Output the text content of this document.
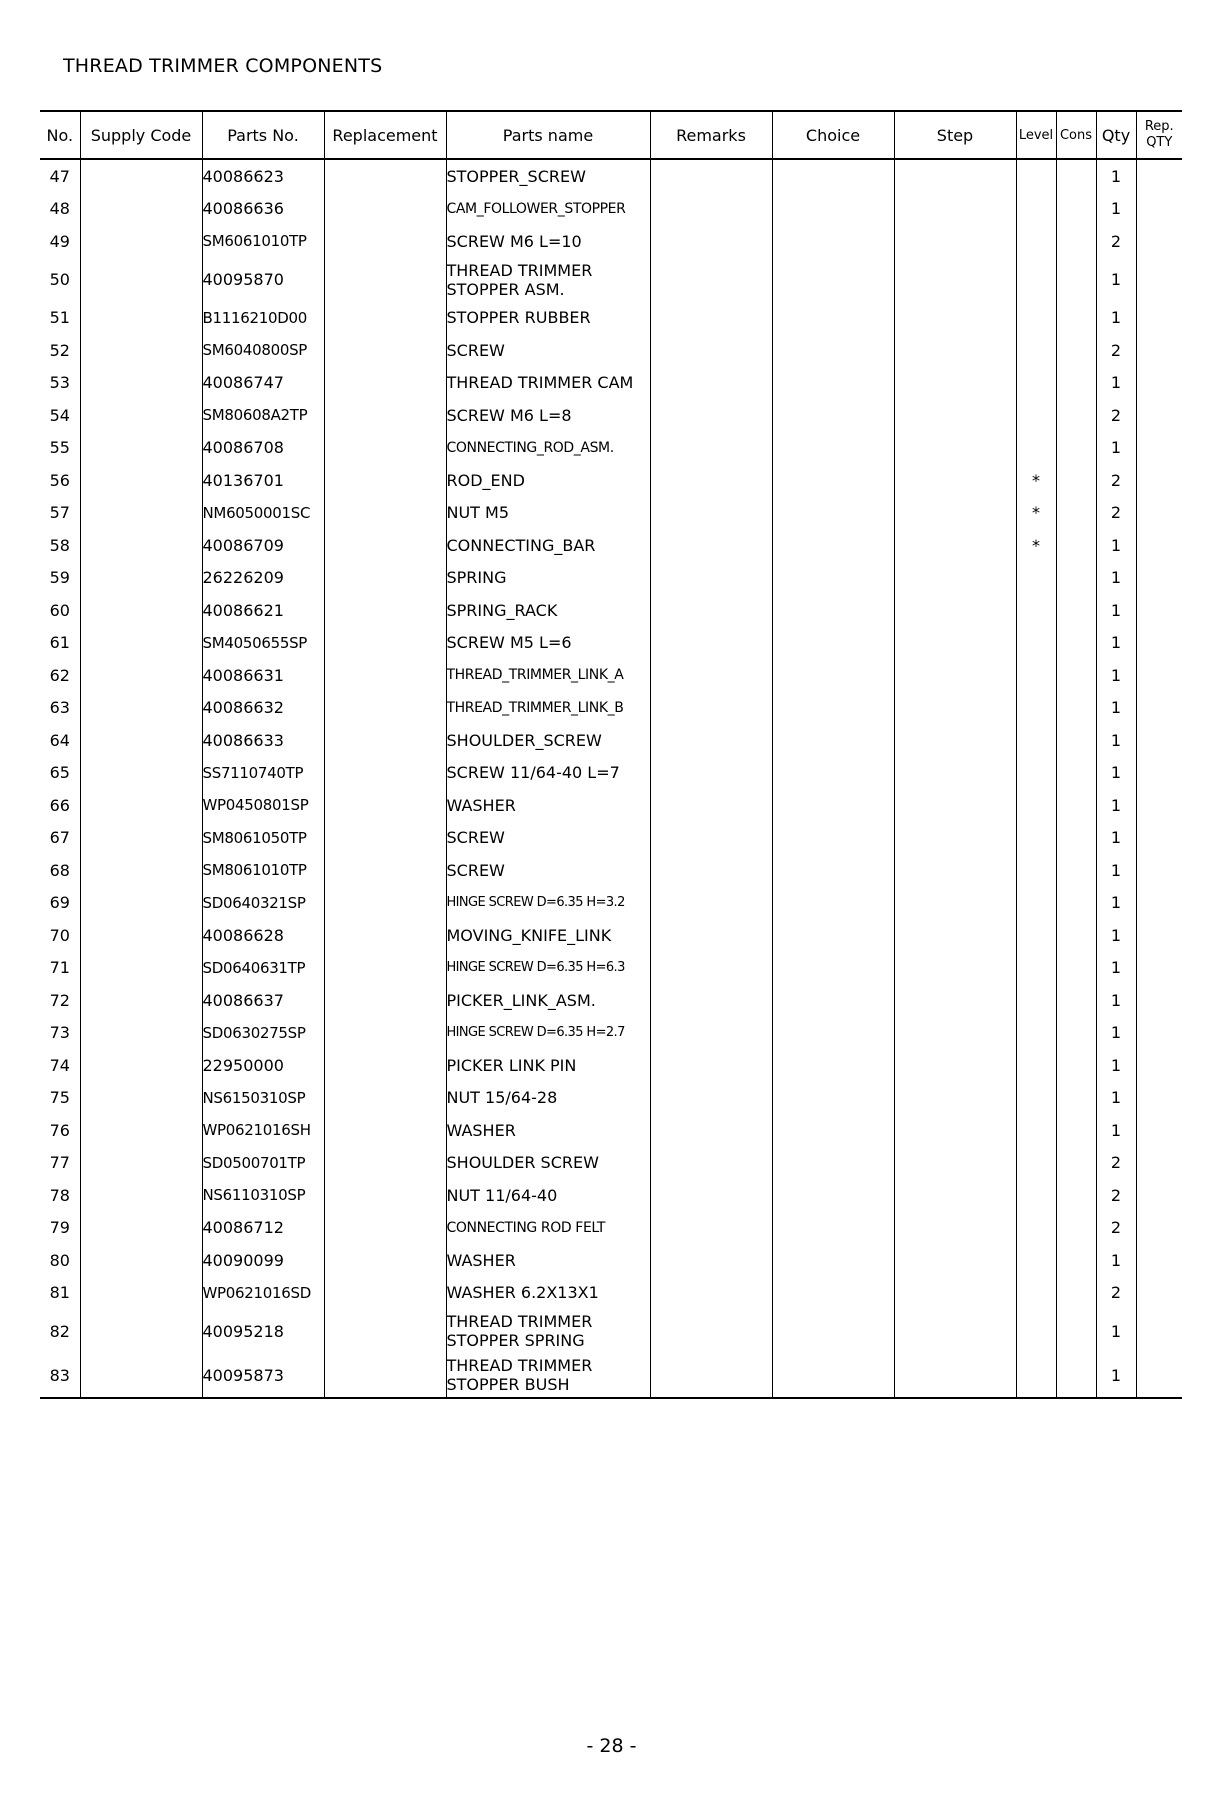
THREAD TRIMMER COMPONENTS
No.	Supply Code	Parts No.	Replacement	Parts name	Remarks	Choice	Step	Level	Cons	Qty	Rep.
QTY
47		40086623		STOPPER_SCREW						1	
48		40086636		CAM_FOLLOWER_STOPPER						1	
49		SM6061010TP		SCREW M6 L=10						2	
50		40095870		THREAD TRIMMER STOPPER ASM.						1	
51		B1116210D00		STOPPER RUBBER						1	
52		SM6040800SP		SCREW						2	
53		40086747		THREAD TRIMMER CAM						1	
54		SM80608A2TP		SCREW M6 L=8						2	
55		40086708		CONNECTING_ROD_ASM.						1	
56		40136701		ROD_END				*		2	
57		NM6050001SC		NUT M5				*		2	
58		40086709		CONNECTING_BAR				*		1	
59		26226209		SPRING						1	
60		40086621		SPRING_RACK						1	
61		SM4050655SP		SCREW M5 L=6						1	
62		40086631		THREAD_TRIMMER_LINK_A						1	
63		40086632		THREAD_TRIMMER_LINK_B						1	
64		40086633		SHOULDER_SCREW						1	
65		SS7110740TP		SCREW 11/64-40 L=7						1	
66		WP0450801SP		WASHER						1	
67		SM8061050TP		SCREW						1	
68		SM8061010TP		SCREW						1	
69		SD0640321SP		HINGE SCREW D=6.35 H=3.2						1	
70		40086628		MOVING_KNIFE_LINK						1	
71		SD0640631TP		HINGE SCREW D=6.35 H=6.3						1	
72		40086637		PICKER_LINK_ASM.						1	
73		SD0630275SP		HINGE SCREW D=6.35 H=2.7						1	
74		22950000		PICKER LINK PIN						1	
75		NS6150310SP		NUT 15/64-28						1	
76		WP0621016SH		WASHER						1	
77		SD0500701TP		SHOULDER SCREW						2	
78		NS6110310SP		NUT 11/64-40						2	
79		40086712		CONNECTING ROD FELT						2	
80		40090099		WASHER						1	
81		WP0621016SD		WASHER 6.2X13X1						2	
82		40095218		THREAD TRIMMER STOPPER SPRING						1	
83		40095873		THREAD TRIMMER STOPPER BUSH						1	
- 28 -
